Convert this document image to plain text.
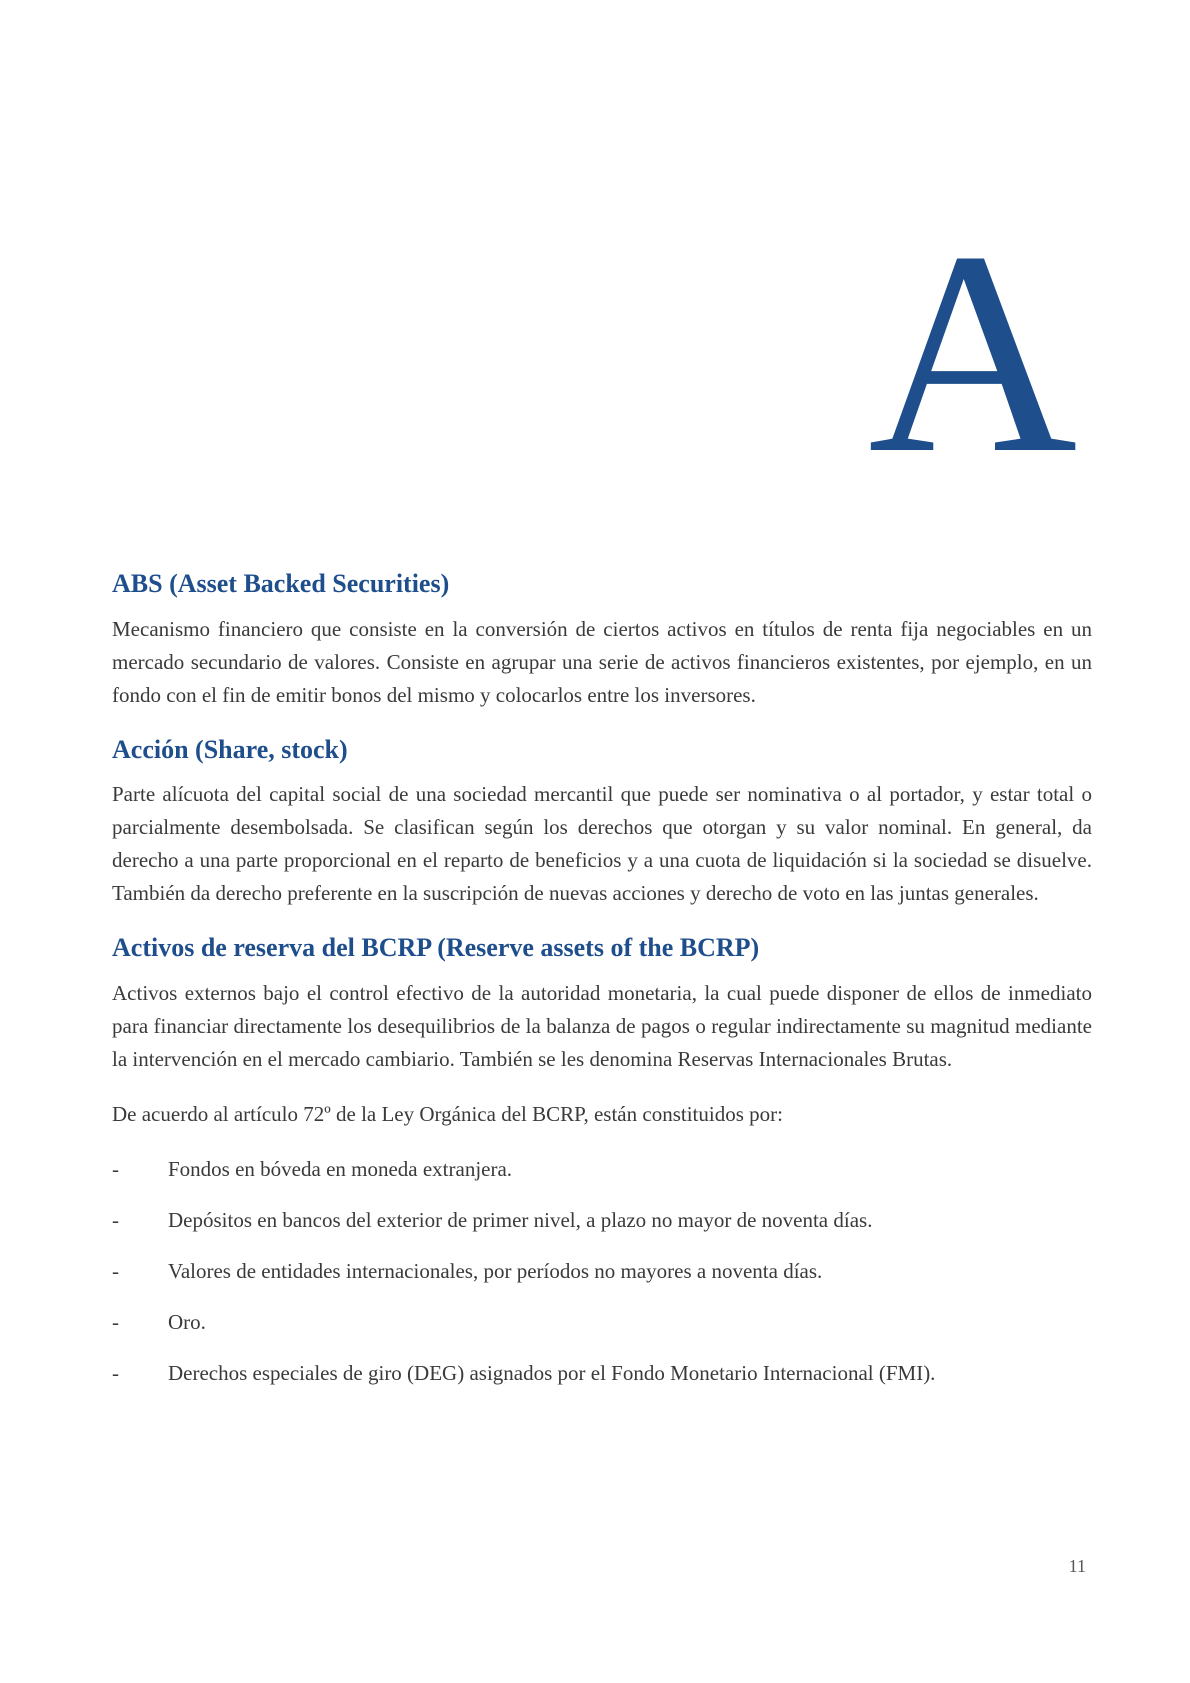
A
ABS (Asset Backed Securities)

Mecanismo financiero que consiste en la conversión de ciertos activos en títulos de renta fija negociables en un mercado secundario de valores. Consiste en agrupar una serie de activos financieros existentes, por ejemplo, en un fondo con el fin de emitir bonos del mismo y colocarlos entre los inversores.

Acción (Share, stock)

Parte alícuota del capital social de una sociedad mercantil que puede ser nominativa o al portador, y estar total o parcialmente desembolsada. Se clasifican según los derechos que otorgan y su valor nominal. En general, da derecho a una parte proporcional en el reparto de beneficios y a una cuota de liquidación si la sociedad se disuelve. También da derecho preferente en la suscripción de nuevas acciones y derecho de voto en las juntas generales.

Activos de reserva del BCRP (Reserve assets of the BCRP)

Activos externos bajo el control efectivo de la autoridad monetaria, la cual puede disponer de ellos de inmediato para financiar directamente los desequilibrios de la balanza de pagos o regular indirectamente su magnitud mediante la intervención en el mercado cambiario. También se les denomina Reservas Internacionales Brutas.

De acuerdo al artículo 72º de la Ley Orgánica del BCRP, están constituidos por:

-	Fondos en bóveda en moneda extranjera.
-	Depósitos en bancos del exterior de primer nivel, a plazo no mayor de noventa días.
-	Valores de entidades internacionales, por períodos no mayores a noventa días.
-	Oro.
-	Derechos especiales de giro (DEG) asignados por el Fondo Monetario Internacional (FMI).
11
